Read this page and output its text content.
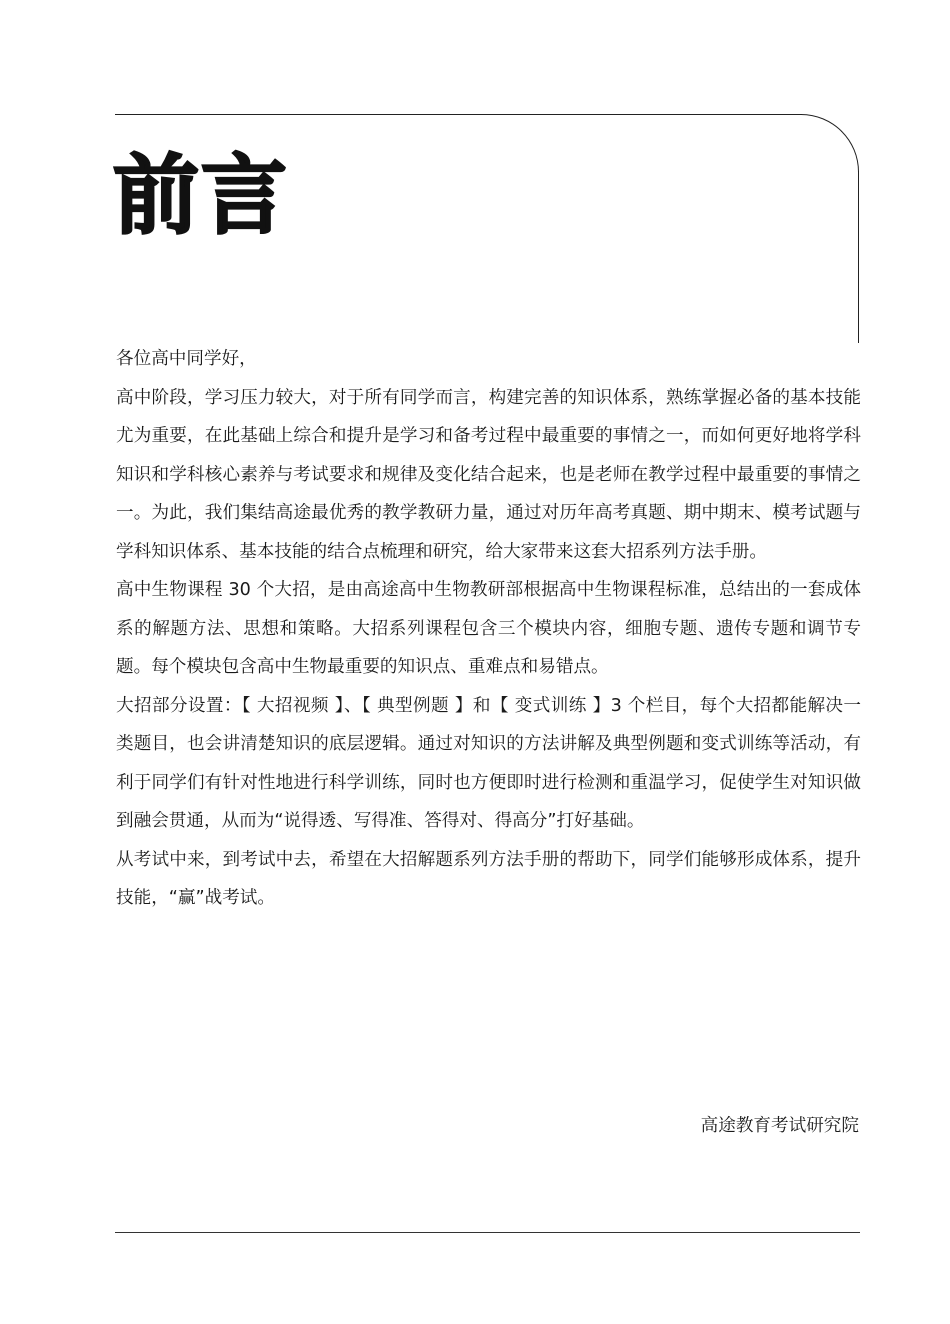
前言

各位高中同学好，

高中阶段，学习压力较大，对于所有同学而言，构建完善的知识体系，熟练掌握必备的基本技能尤为重要，在此基础上综合和提升是学习和备考过程中最重要的事情之一，而如何更好地将学科知识和学科核心素养与考试要求和规律及变化结合起来，也是老师在教学过程中最重要的事情之一。为此，我们集结高途最优秀的教学教研力量，通过对历年高考真题、期中期末、模考试题与学科知识体系、基本技能的结合点梳理和研究，给大家带来这套大招系列方法手册。

高中生物课程 30 个大招，是由高途高中生物教研部根据高中生物课程标准，总结出的一套成体系的解题方法、思想和策略。大招系列课程包含三个模块内容，细胞专题、遗传专题和调节专题。每个模块包含高中生物最重要的知识点、重难点和易错点。

大招部分设置：【 大招视频 】、【 典型例题 】和【 变式训练 】3 个栏目，每个大招都能解决一类题目，也会讲清楚知识的底层逻辑。通过对知识的方法讲解及典型例题和变式训练等活动，有利于同学们有针对性地进行科学训练，同时也方便即时进行检测和重温学习，促使学生对知识做到融会贯通，从而为“说得透、写得准、答得对、得高分”打好基础。

从考试中来，到考试中去，希望在大招解题系列方法手册的帮助下，同学们能够形成体系，提升技能，“赢”战考试。

高途教育考试研究院
